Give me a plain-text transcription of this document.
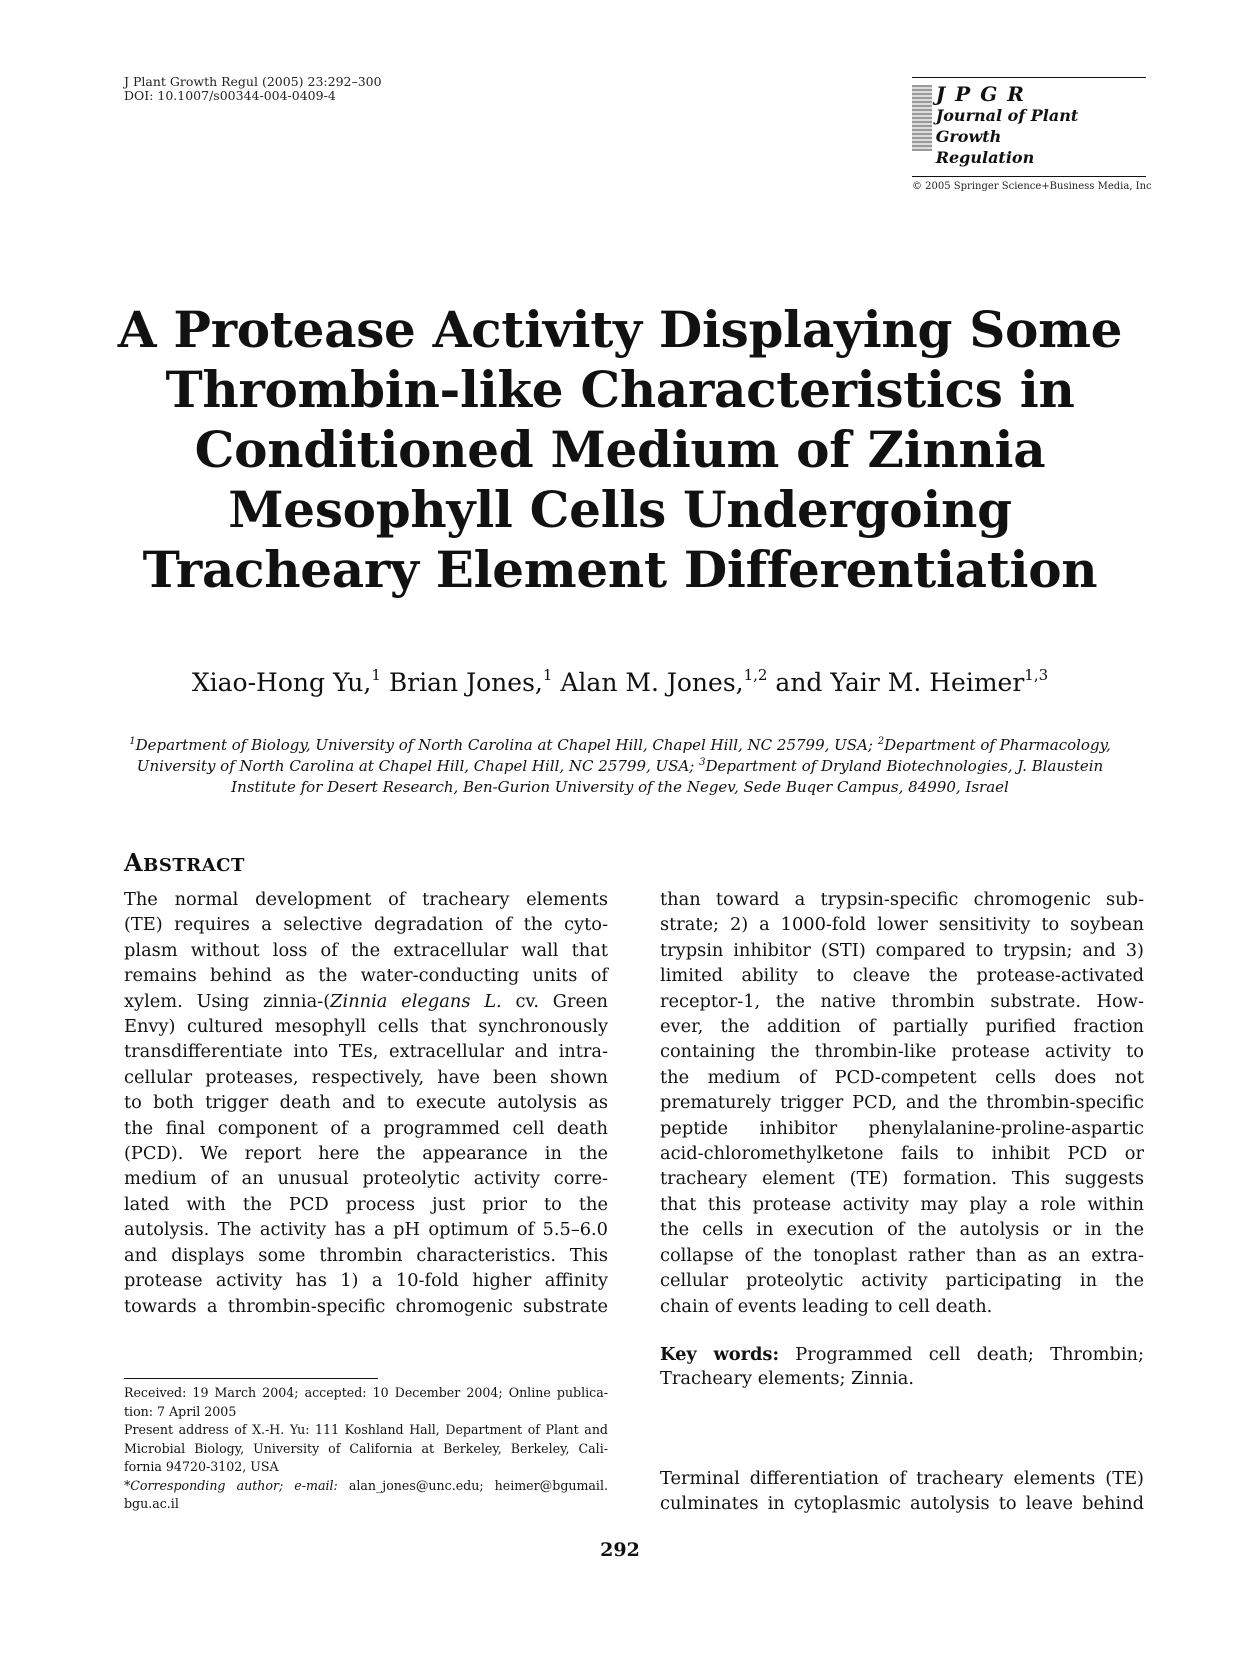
J Plant Growth Regul (2005) 23:292–300
DOI: 10.1007/s00344-004-0409-4	JPGR
Journal of Plant Growth
Regulation
© 2005 Springer Science+Business Media, Inc
A Protease Activity Displaying Some
Thrombin-like Characteristics in
Conditioned Medium of Zinnia
Mesophyll Cells Undergoing
Tracheary Element Differentiation
Xiao-Hong Yu,$^1$ Brian Jones,$^1$ Alan M. Jones,$^{1,2}$ and Yair M. Heimer$^{1,3}$
$^1$Department of Biology, University of North Carolina at Chapel Hill, Chapel Hill, NC 25799, USA; $^2$Department of Pharmacology,
University of North Carolina at Chapel Hill, Chapel Hill, NC 25799, USA; $^3$Department of Dryland Biotechnologies, J. Blaustein
Institute for Desert Research, Ben-Gurion University of the Negev, Sede Buqer Campus, 84990, Israel
ABSTRACT
The normal development of tracheary elements
(TE) requires a selective degradation of the cyto-
plasm without loss of the extracellular wall that
remains behind as the water-conducting units of
xylem. Using zinnia-(Zinnia elegans L. cv. Green
Envy) cultured mesophyll cells that synchronously
transdifferentiate into TEs, extracellular and intra-
cellular proteases, respectively, have been shown
to both trigger death and to execute autolysis as
the final component of a programmed cell death
(PCD). We report here the appearance in the
medium of an unusual proteolytic activity corre-
lated with the PCD process just prior to the
autolysis. The activity has a pH optimum of 5.5–6.0
and displays some thrombin characteristics. This
protease activity has 1) a 10-fold higher affinity
towards a thrombin-specific chromogenic substrate
than toward a trypsin-specific chromogenic sub-
strate; 2) a 1000-fold lower sensitivity to soybean
trypsin inhibitor (STI) compared to trypsin; and 3)
limited ability to cleave the protease-activated
receptor-1, the native thrombin substrate. How-
ever, the addition of partially purified fraction
containing the thrombin-like protease activity to
the medium of PCD-competent cells does not
prematurely trigger PCD, and the thrombin-specific
peptide inhibitor phenylalanine-proline-aspartic
acid-chloromethylketone fails to inhibit PCD or
tracheary element (TE) formation. This suggests
that this protease activity may play a role within
the cells in execution of the autolysis or in the
collapse of the tonoplast rather than as an extra-
cellular proteolytic activity participating in the
chain of events leading to cell death.
Key words: Programmed cell death; Thrombin;
Tracheary elements; Zinnia.
Terminal differentiation of tracheary elements (TE)
culminates in cytoplasmic autolysis to leave behind
Received: 19 March 2004; accepted: 10 December 2004; Online publica-
tion: 7 April 2005
Present address of X.-H. Yu: 111 Koshland Hall, Department of Plant and
Microbial Biology, University of California at Berkeley, Berkeley, Cali-
fornia 94720-3102, USA
*Corresponding author; e-mail: alan_jones@unc.edu; heimer@bgumail.
bgu.ac.il
292
